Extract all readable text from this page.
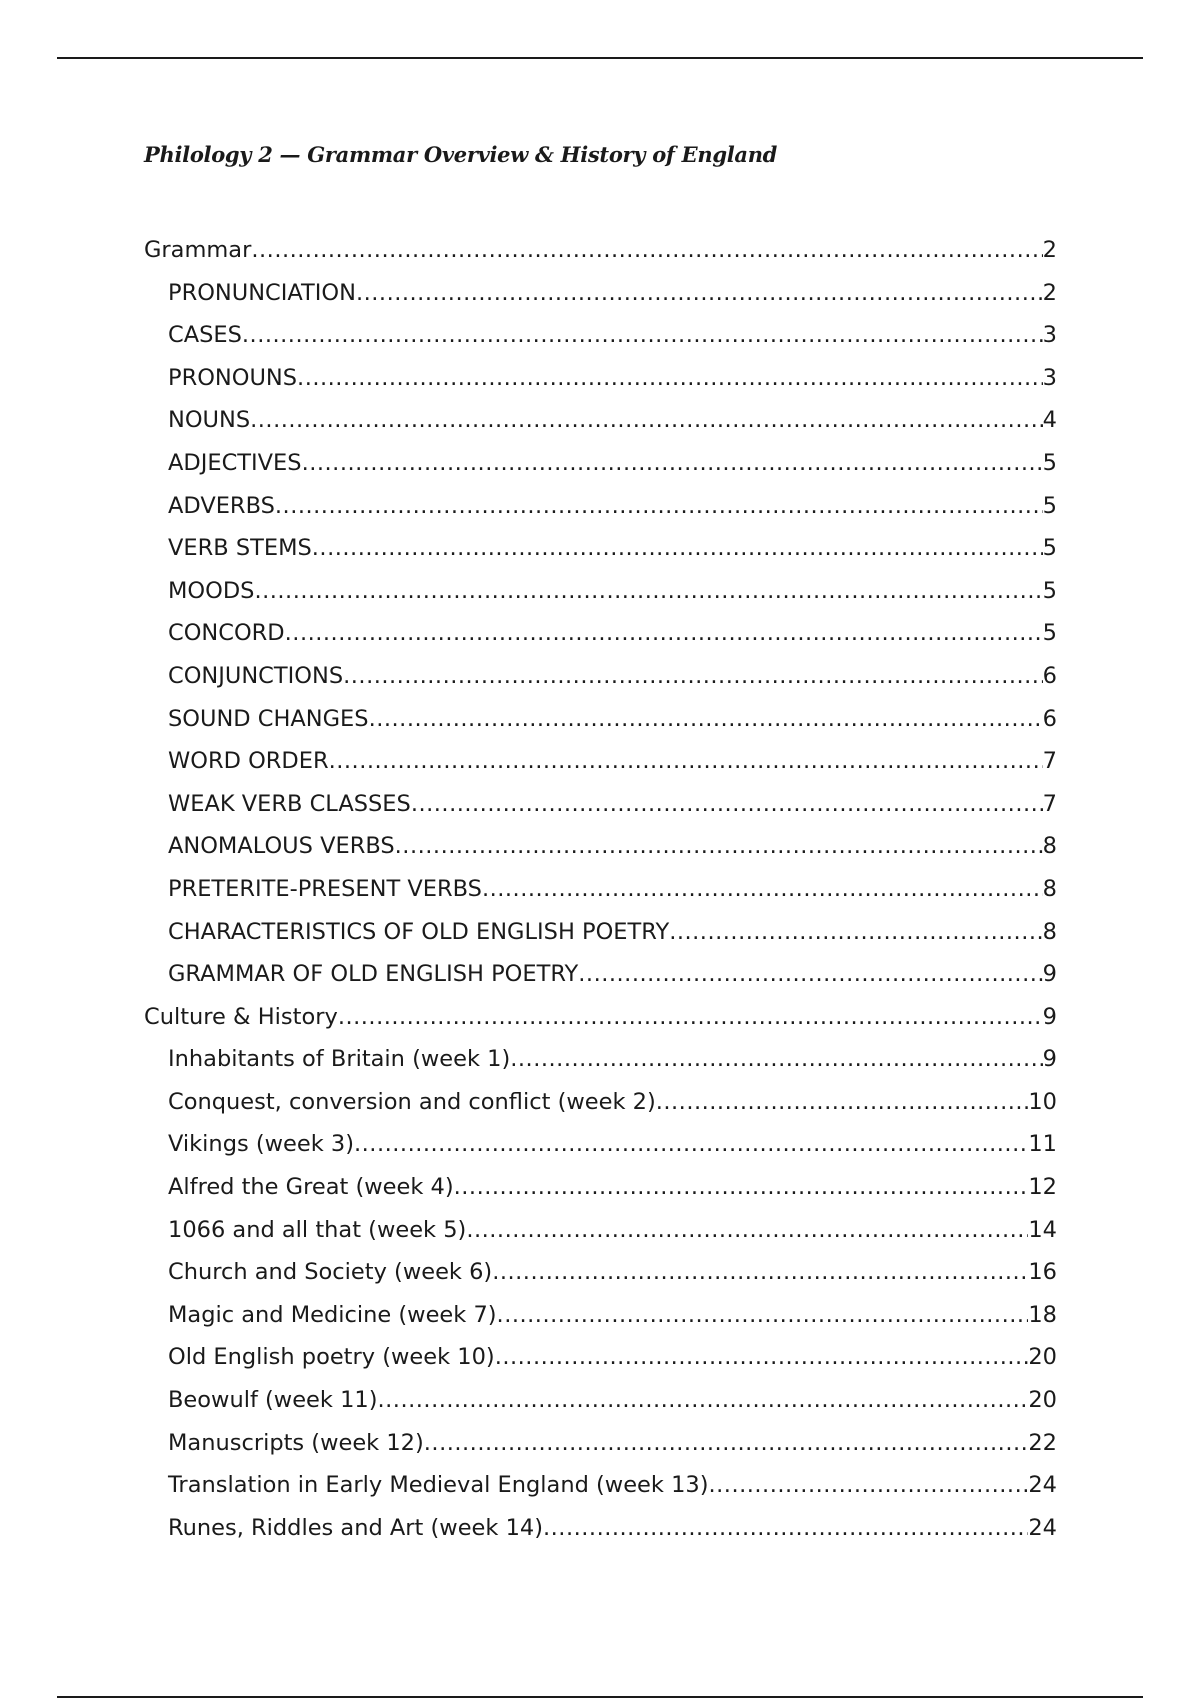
Philology 2 — Grammar Overview & History of England
Grammar .....	2
PRONUNCIATION .....	2
CASES .....	3
PRONOUNS .....	3
NOUNS .....	4
ADJECTIVES .....	5
ADVERBS .....	5
VERB STEMS .....	5
MOODS .....	5
CONCORD .....	5
CONJUNCTIONS .....	6
SOUND CHANGES .....	6
WORD ORDER .....	7
WEAK VERB CLASSES .....	7
ANOMALOUS VERBS .....	8
PRETERITE-PRESENT VERBS .....	8
CHARACTERISTICS OF OLD ENGLISH POETRY .....	8
GRAMMAR OF OLD ENGLISH POETRY .....	9
Culture & History .....	9
Inhabitants of Britain (week 1) .....	9
Conquest, conversion and conflict (week 2) .....	10
Vikings (week 3) .....	11
Alfred the Great (week 4) .....	12
1066 and all that (week 5) .....	14
Church and Society (week 6) .....	16
Magic and Medicine (week 7) .....	18
Old English poetry (week 10) .....	20
Beowulf (week 11) .....	20
Manuscripts (week 12) .....	22
Translation in Early Medieval England (week 13) .....	24
Runes, Riddles and Art (week 14) .....	24
